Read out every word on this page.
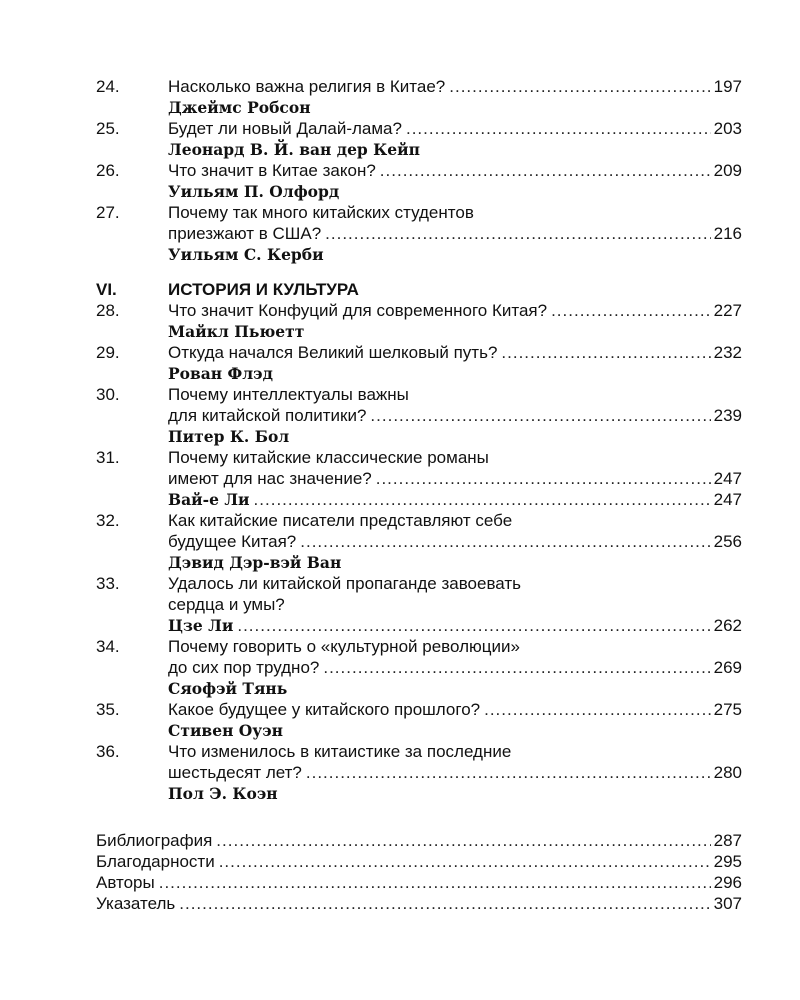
24.	Насколько важна религия в Китае? .....	197
Джеймс Робсон
25.	Будет ли новый Далай-лама? .....	203
Леонард В. Й. ван дер Кейп
26.	Что значит в Китае закон? .....	209
Уильям П. Олфорд
27.	Почему так много китайских студентов
приезжают в США? .....	216
Уильям С. Керби
VI.	ИСТОРИЯ И КУЛЬТУРА
28.	Что значит Конфуций для современного Китая? .....	227
Майкл Пьюетт
29.	Откуда начался Великий шелковый путь? .....	232
Рован Флэд
30.	Почему интеллектуалы важны
для китайской политики? .....	239
Питер К. Бол
31.	Почему китайские классические романы
имеют для нас значение? .....	247
Вай-е Ли .....	247
32.	Как китайские писатели представляют себе
будущее Китая? .....	256
Дэвид Дэр-вэй Ван
33.	Удалось ли китайской пропаганде завоевать
сердца и умы?
Цзе Ли .....	262
34.	Почему говорить о «культурной революции»
до сих пор трудно? .....	269
Сяофэй Тянь
35.	Какое будущее у китайского прошлого? .....	275
Стивен Оуэн
36.	Что изменилось в китаистике за последние
шестьдесят лет? .....	280
Пол Э. Коэн
Библиография .....	287
Благодарности .....	295
Авторы .....	296
Указатель .....	307
